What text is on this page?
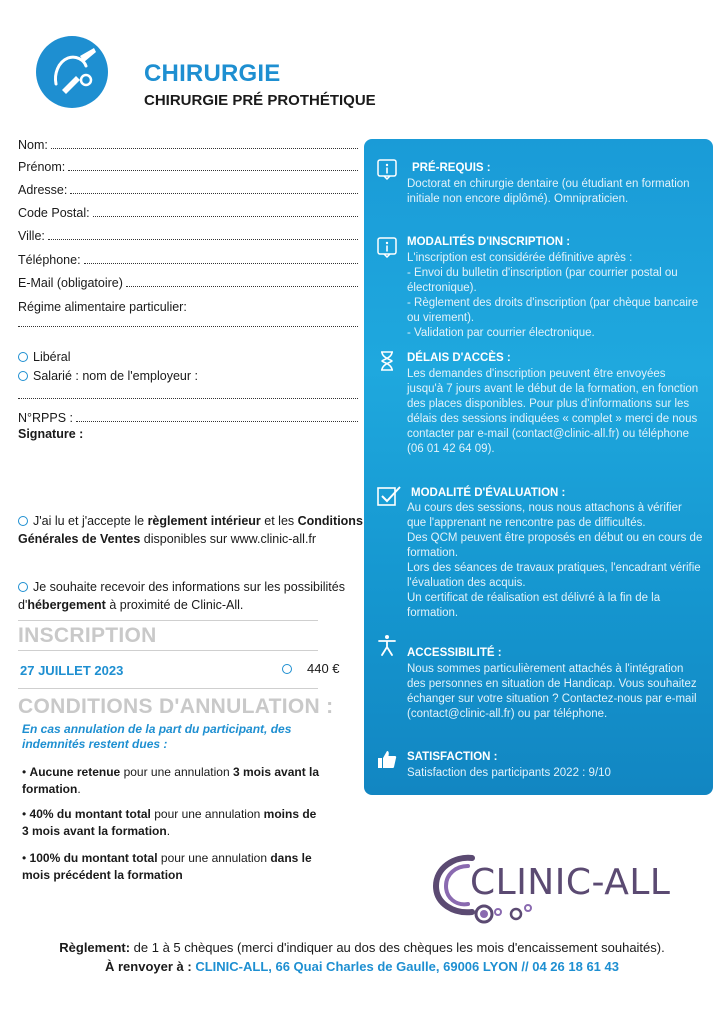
CHIRURGIE
CHIRURGIE PRÉ PROTHÉTIQUE
Nom:
Prénom:
Adresse:
Code Postal:
Ville:
Téléphone:
E-Mail (obligatoire)
Régime alimentaire particulier:
Libéral
Salarié : nom de l'employeur :
N°RPPS :
Signature :
J'ai lu et j'accepte le règlement intérieur et les Conditions Générales de Ventes disponibles sur www.clinic-all.fr
Je souhaite recevoir des informations sur les possibilités d'hébergement à proximité de Clinic-All.
INSCRIPTION
27 JUILLET 2023	440 €
CONDITIONS D'ANNULATION :
En cas annulation de la part du participant, des indemnités restent dues :
• Aucune retenue pour une annulation 3 mois avant la formation.
• 40% du montant total pour une annulation moins de 3 mois avant la formation.
• 100% du montant total pour une annulation dans le mois précédent la formation
PRÉ-REQUIS :
Doctorat en chirurgie dentaire (ou étudiant en formation initiale non encore diplômé). Omnipraticien.
MODALITÉS D'INSCRIPTION :
L'inscription est considérée définitive après :
- Envoi du bulletin d'inscription (par courrier postal ou électronique).
- Règlement des droits d'inscription (par chèque bancaire ou virement).
- Validation par courrier électronique.
DÉLAIS D'ACCÈS :
Les demandes d'inscription peuvent être envoyées jusqu'à 7 jours avant le début de la formation, en fonction des places disponibles. Pour plus d'informations sur les délais des sessions indiquées « complet » merci de nous contacter par e-mail (contact@clinic-all.fr) ou téléphone (06 01 42 64 09).
MODALITÉ D'ÉVALUATION :
Au cours des sessions, nous nous attachons à vérifier que l'apprenant ne rencontre pas de difficultés.
Des QCM peuvent être proposés en début ou en cours de formation.
Lors des séances de travaux pratiques, l'encadrant vérifie l'évaluation des acquis.
Un certificat de réalisation est délivré à la fin de la formation.
ACCESSIBILITÉ :
Nous sommes particulièrement attachés à l'intégration des personnes en situation de Handicap. Vous souhaitez échanger sur votre situation ? Contactez-nous par e-mail (contact@clinic-all.fr) ou par téléphone.
SATISFACTION :
Satisfaction des participants 2022 : 9/10
CLINIC-ALL
Règlement: de 1 à 5 chèques (merci d'indiquer au dos des chèques les mois d'encaissement souhaités).
À renvoyer à : CLINIC-ALL, 66 Quai Charles de Gaulle, 69006 LYON // 04 26 18 61 43
